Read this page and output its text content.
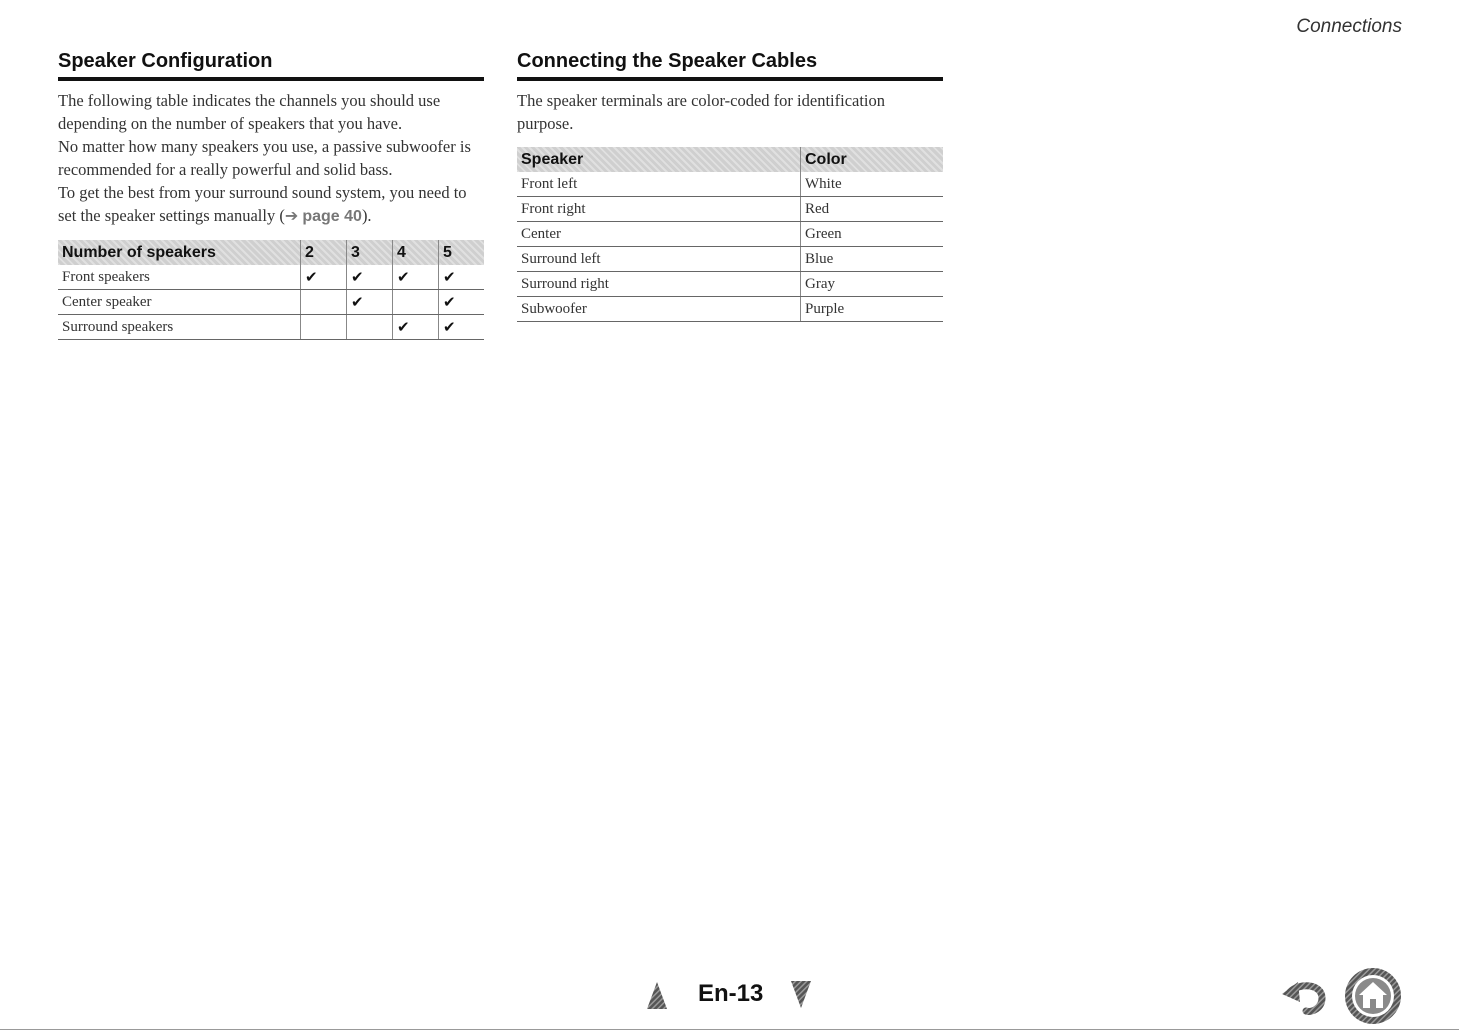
Connections
Speaker Configuration

The following table indicates the channels you should use depending on the number of speakers that you have.

No matter how many speakers you use, a passive subwoofer is recommended for a really powerful and solid bass.

To get the best from your surround sound system, you need to set the speaker settings manually (➔ page 40).

Number of speakers	2	3	4	5
Front speakers	✔	✔	✔	✔
Center speaker		✔		✔
Surround speakers			✔	✔
Connecting the Speaker Cables

The speaker terminals are color-coded for identification purpose.

Speaker	Color
Front left	White
Front right	Red
Center	Green
Surround left	Blue
Surround right	Gray
Subwoofer	Purple
En-13
